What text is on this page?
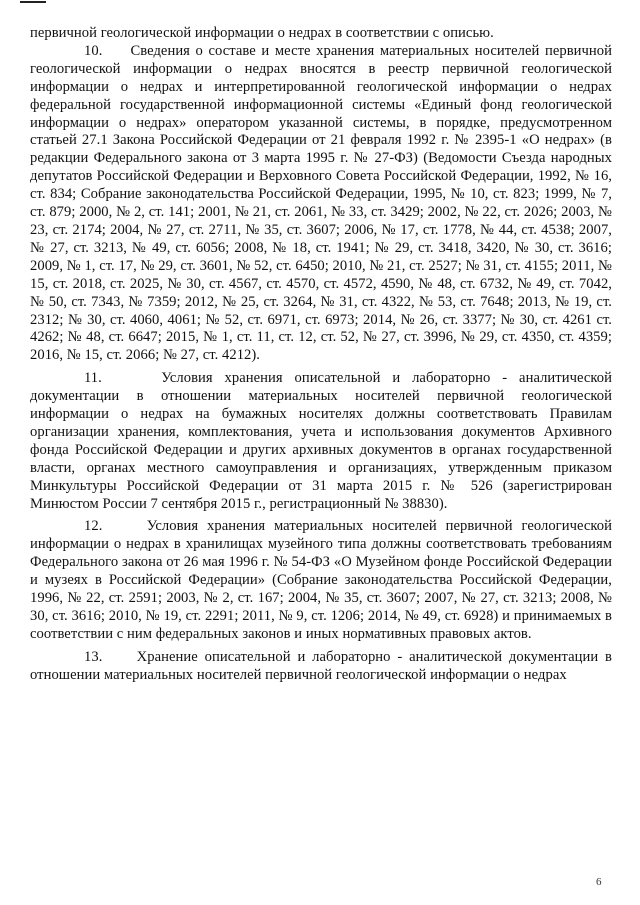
первичной геологической информации о недрах в соответствии с описью.

10.     Сведения о составе и месте хранения материальных носителей первичной геологической информации о недрах вносятся в реестр первичной геологической информации о недрах и интерпретированной геологической информации о недрах федеральной государственной информационной системы «Единый фонд геологической информации о недрах» оператором указанной системы, в порядке, предусмотренном статьей 27.1 Закона Российской Федерации от 21 февраля 1992 г. № 2395-1 «О недрах» (в редакции Федерального закона от 3 марта 1995 г. № 27-ФЗ) (Ведомости Съезда народных депутатов Российской Федерации и Верховного Совета Российской Федерации, 1992, № 16, ст. 834; Собрание законодательства Российской Федерации, 1995, № 10, ст. 823; 1999, № 7, ст. 879; 2000, № 2, ст. 141; 2001, № 21, ст. 2061, № 33, ст. 3429; 2002, № 22, ст. 2026; 2003, № 23, ст. 2174; 2004, № 27, ст. 2711, № 35, ст. 3607; 2006, № 17, ст. 1778, № 44, ст. 4538; 2007, № 27, ст. 3213, № 49, ст. 6056; 2008, № 18, ст. 1941; № 29, ст. 3418, 3420, № 30, ст. 3616; 2009, № 1, ст. 17, № 29, ст. 3601, № 52, ст. 6450; 2010, № 21, ст. 2527; № 31, ст. 4155; 2011, № 15, ст. 2018, ст. 2025, № 30, ст. 4567, ст. 4570, ст. 4572, 4590, № 48, ст. 6732, № 49, ст. 7042, № 50, ст. 7343, № 7359; 2012, № 25, ст. 3264, № 31, ст. 4322, № 53, ст. 7648; 2013, № 19, ст. 2312; № 30, ст. 4060, 4061; № 52, ст. 6971, ст. 6973; 2014, № 26, ст. 3377; № 30, ст. 4261 ст. 4262; № 48, ст. 6647; 2015, № 1, ст. 11, ст. 12, ст. 52, № 27, ст. 3996, № 29, ст. 4350, ст. 4359; 2016, № 15, ст. 2066; № 27, ст. 4212).

11.     Условия хранения описательной и лабораторно - аналитической документации в отношении материальных носителей первичной геологической информации о недрах на бумажных носителях должны соответствовать Правилам организации хранения, комплектования, учета и использования документов Архивного фонда Российской Федерации и других архивных документов в органах государственной власти, органах местного самоуправления и организациях, утвержденным приказом Минкультуры Российской Федерации от 31 марта 2015 г. № 526 (зарегистрирован Минюстом России 7 сентября 2015 г., регистрационный № 38830).

12.     Условия хранения материальных носителей первичной геологической информации о недрах в хранилищах музейного типа должны соответствовать требованиям Федерального закона от 26 мая 1996 г. № 54-ФЗ «О Музейном фонде Российской Федерации и музеях в Российской Федерации» (Собрание законодательства Российской Федерации, 1996, № 22, ст. 2591; 2003, № 2, ст. 167; 2004, № 35, ст. 3607; 2007, № 27, ст. 3213; 2008, № 30, ст. 3616; 2010, № 19, ст. 2291; 2011, № 9, ст. 1206; 2014, № 49, ст. 6928) и принимаемых в соответствии с ним федеральных законов и иных нормативных правовых актов.

13.     Хранение описательной и лабораторно - аналитической документации в отношении материальных носителей первичной геологической информации о недрах

6
